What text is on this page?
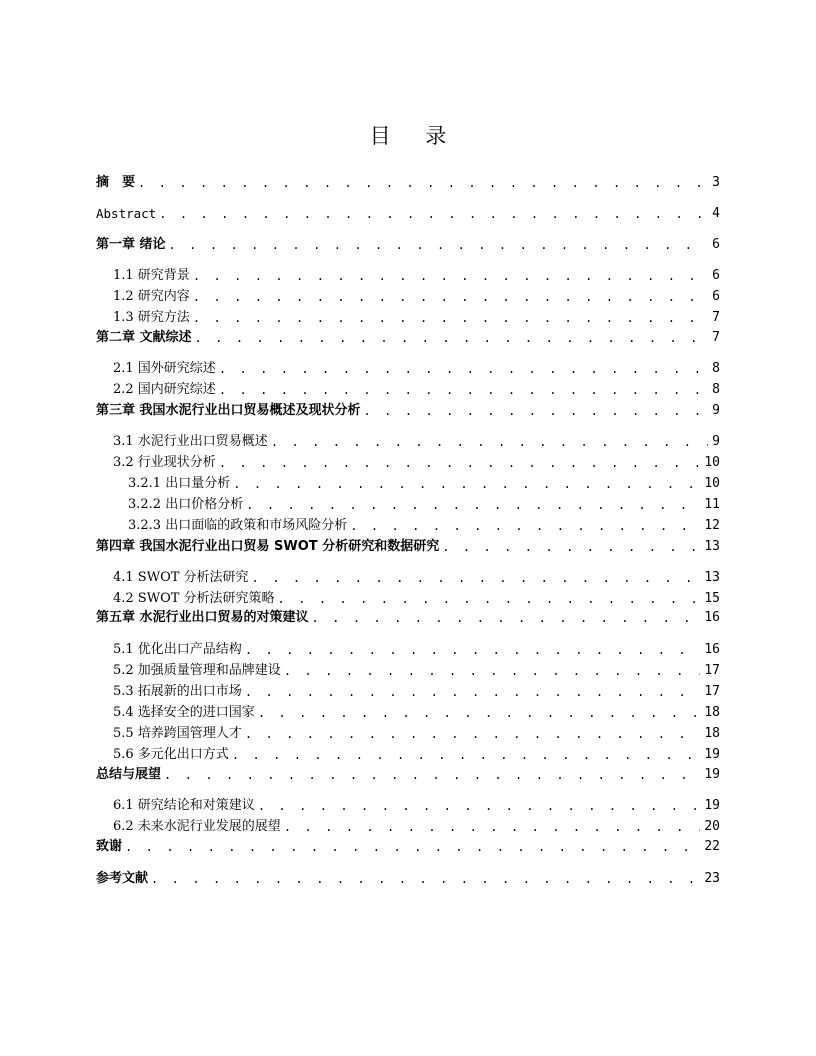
目 录
摘　要 . . .	3
Abstract . . .	4
第一章 绪论 . . .	6
1.1 研究背景 . . .	6
1.2 研究内容 . . .	6
1.3 研究方法 . . .	7
第二章 文献综述 . . .	7
2.1 国外研究综述 . . .	8
2.2 国内研究综述 . . .	8
第三章 我国水泥行业出口贸易概述及现状分析 . . .	9
3.1 水泥行业出口贸易概述 . . .	9
3.2 行业现状分析 . . .	10
3.2.1 出口量分析 . . .	10
3.2.2 出口价格分析 . . .	11
3.2.3 出口面临的政策和市场风险分析 . . .	12
第四章 我国水泥行业出口贸易 SWOT 分析研究和数据研究 . . .	13
4.1 SWOT 分析法研究 . . .	13
4.2 SWOT 分析法研究策略 . . .	15
第五章 水泥行业出口贸易的对策建议 . . .	16
5.1 优化出口产品结构 . . .	16
5.2 加强质量管理和品牌建设 . . .	17
5.3 拓展新的出口市场 . . .	17
5.4 选择安全的进口国家 . . .	18
5.5 培养跨国管理人才 . . .	18
5.6 多元化出口方式 . . .	19
总结与展望 . . .	19
6.1 研究结论和对策建议 . . .	19
6.2 未来水泥行业发展的展望 . . .	20
致谢 . . .	22
参考文献 . . .	23
